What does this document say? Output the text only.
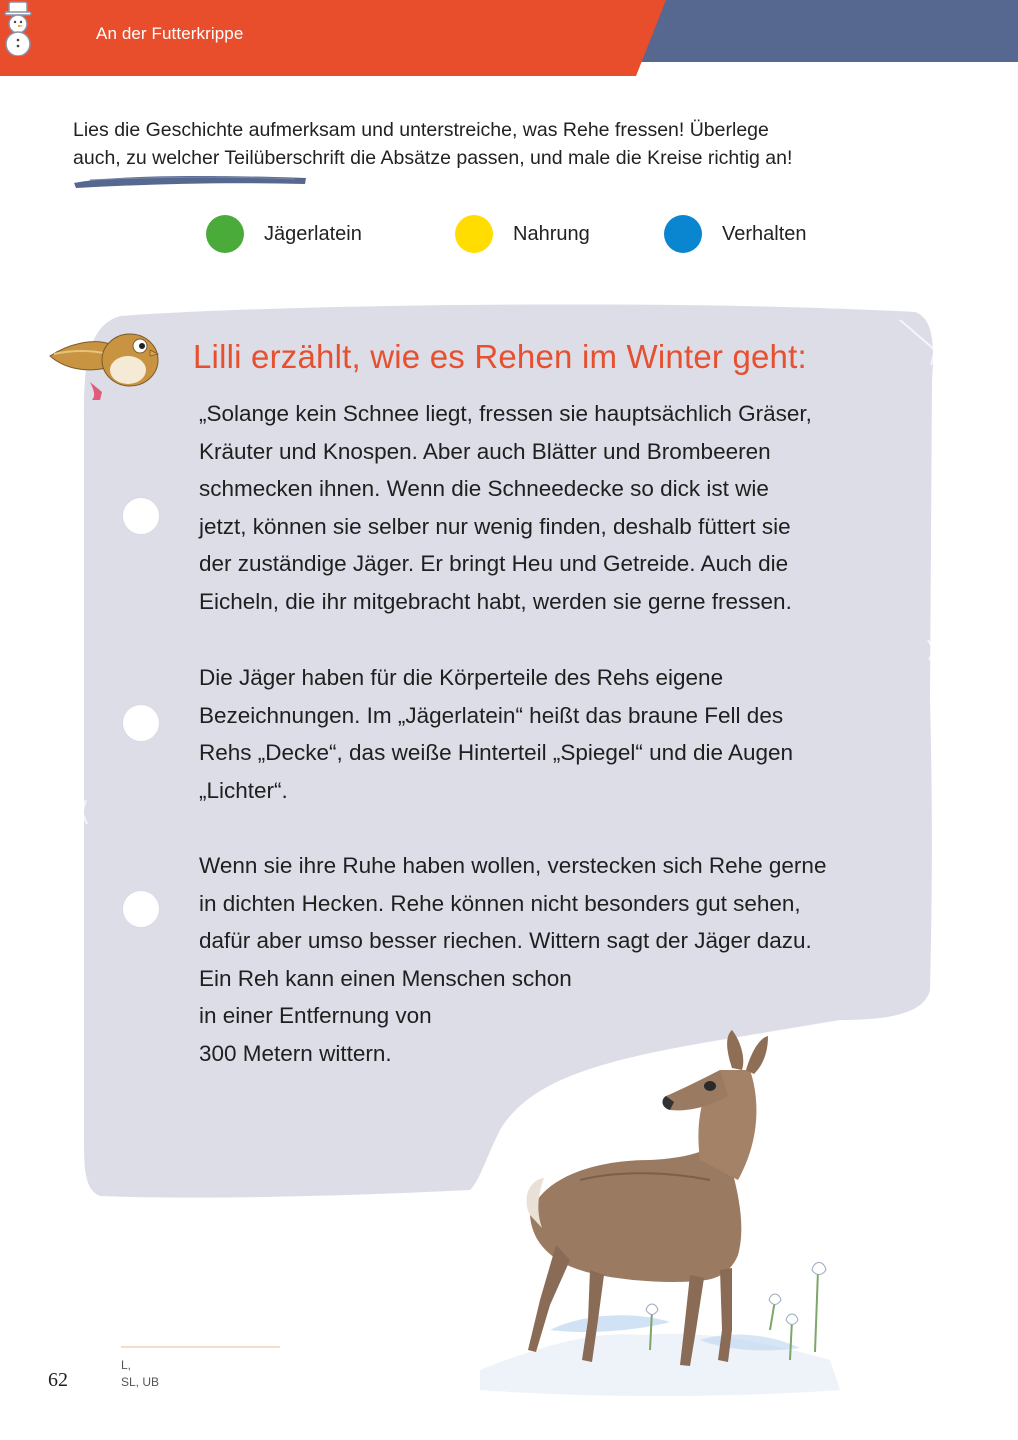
An der Futterkrippe
Lies die Geschichte aufmerksam und unterstreiche, was Rehe fressen! Überlege
auch, zu welcher Teilüberschrift die Absätze passen, und male die Kreise richtig an!
Jägerlatein	Nahrung	Verhalten
Lilli erzählt, wie es Rehen im Winter geht:
„Solange kein Schnee liegt, fressen sie hauptsächlich Gräser,
Kräuter und Knospen. Aber auch Blätter und Brombeeren
schmecken ihnen. Wenn die Schneedecke so dick ist wie
jetzt, können sie selber nur wenig finden, deshalb füttert sie
der zuständige Jäger. Er bringt Heu und Getreide. Auch die
Eicheln, die ihr mitgebracht habt, werden sie gerne fressen.
Die Jäger haben für die Körperteile des Rehs eigene
Bezeichnungen. Im „Jägerlatein“ heißt das braune Fell des
Rehs „Decke“, das weiße Hinterteil „Spiegel“ und die Augen
„Lichter“.
Wenn sie ihre Ruhe haben wollen, verstecken sich Rehe gerne
in dichten Hecken. Rehe können nicht besonders gut sehen,
dafür aber umso besser riechen. Wittern sagt der Jäger dazu.
Ein Reh kann einen Menschen schon
in einer Entfernung von
300 Metern wittern.
62
L,
SL, UB
